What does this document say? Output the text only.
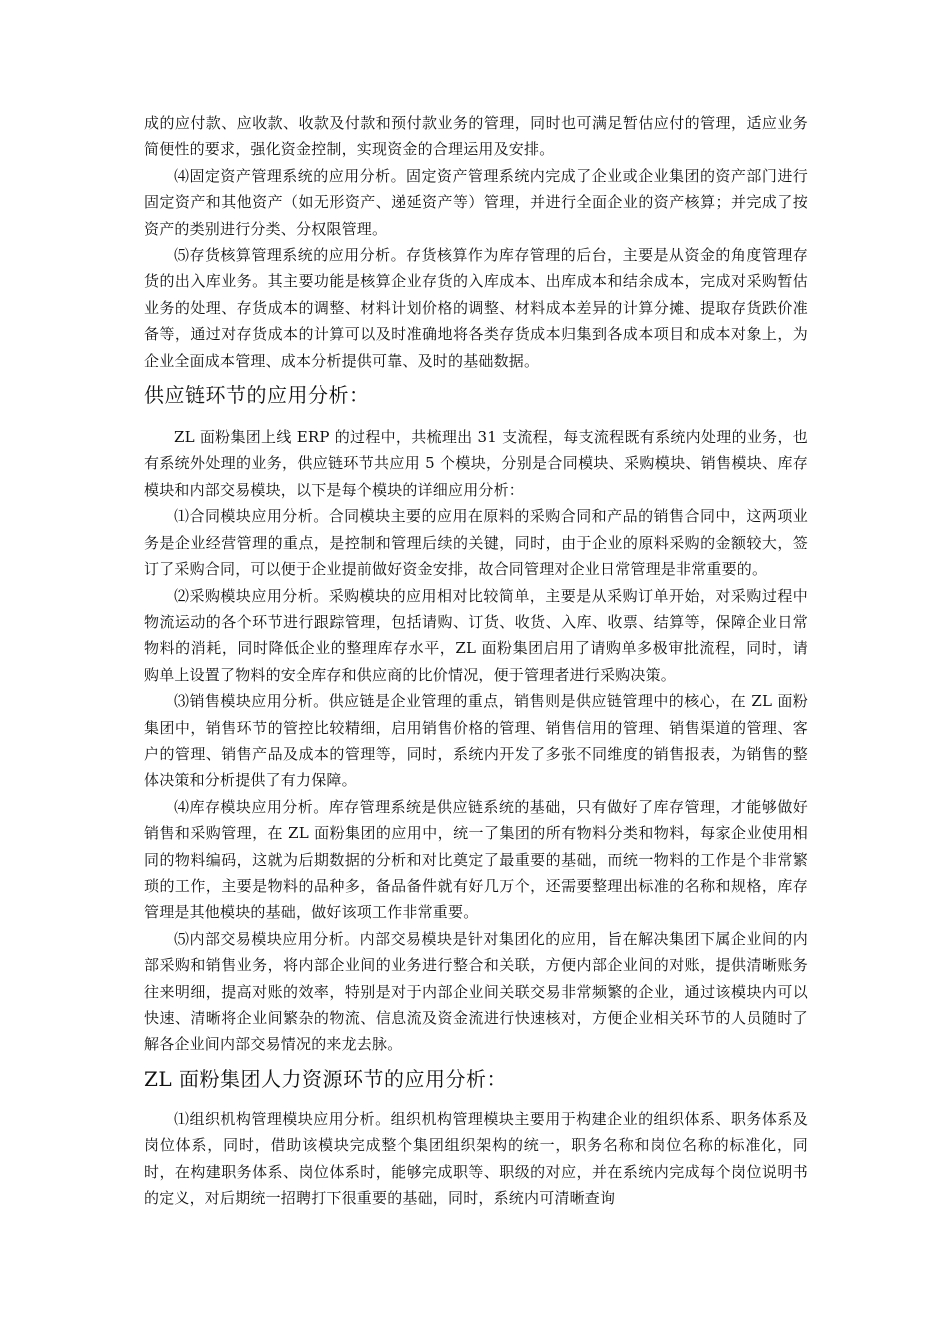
成的应付款、应收款、收款及付款和预付款业务的管理，同时也可满足暂估应付的管理，适应业务简便性的要求，强化资金控制，实现资金的合理运用及安排。

⑷固定资产管理系统的应用分析。固定资产管理系统内完成了企业或企业集团的资产部门进行固定资产和其他资产（如无形资产、递延资产等）管理，并进行全面企业的资产核算；并完成了按资产的类别进行分类、分权限管理。

⑸存货核算管理系统的应用分析。存货核算作为库存管理的后台，主要是从资金的角度管理存货的出入库业务。其主要功能是核算企业存货的入库成本、出库成本和结余成本，完成对采购暂估业务的处理、存货成本的调整、材料计划价格的调整、材料成本差异的计算分摊、提取存货跌价准备等，通过对存货成本的计算可以及时准确地将各类存货成本归集到各成本项目和成本对象上，为企业全面成本管理、成本分析提供可靠、及时的基础数据。

供应链环节的应用分析：

ZL 面粉集团上线 ERP 的过程中，共梳理出 31 支流程，每支流程既有系统内处理的业务，也有系统外处理的业务，供应链环节共应用 5 个模块，分别是合同模块、采购模块、销售模块、库存模块和内部交易模块，以下是每个模块的详细应用分析：

⑴合同模块应用分析。合同模块主要的应用在原料的采购合同和产品的销售合同中，这两项业务是企业经营管理的重点，是控制和管理后续的关键，同时，由于企业的原料采购的金额较大，签订了采购合同，可以便于企业提前做好资金安排，故合同管理对企业日常管理是非常重要的。

⑵采购模块应用分析。采购模块的应用相对比较简单，主要是从采购订单开始，对采购过程中物流运动的各个环节进行跟踪管理，包括请购、订货、收货、入库、收票、结算等，保障企业日常物料的消耗，同时降低企业的整理库存水平，ZL 面粉集团启用了请购单多极审批流程，同时，请购单上设置了物料的安全库存和供应商的比价情况，便于管理者进行采购决策。

⑶销售模块应用分析。供应链是企业管理的重点，销售则是供应链管理中的核心，在 ZL 面粉集团中，销售环节的管控比较精细，启用销售价格的管理、销售信用的管理、销售渠道的管理、客户的管理、销售产品及成本的管理等，同时，系统内开发了多张不同维度的销售报表，为销售的整体决策和分析提供了有力保障。

⑷库存模块应用分析。库存管理系统是供应链系统的基础，只有做好了库存管理，才能够做好销售和采购管理，在 ZL 面粉集团的应用中，统一了集团的所有物料分类和物料，每家企业使用相同的物料编码，这就为后期数据的分析和对比奠定了最重要的基础，而统一物料的工作是个非常繁琐的工作，主要是物料的品种多，备品备件就有好几万个，还需要整理出标准的名称和规格，库存管理是其他模块的基础，做好该项工作非常重要。

⑸内部交易模块应用分析。内部交易模块是针对集团化的应用，旨在解决集团下属企业间的内部采购和销售业务，将内部企业间的业务进行整合和关联，方便内部企业间的对账，提供清晰账务往来明细，提高对账的效率，特别是对于内部企业间关联交易非常频繁的企业，通过该模块内可以快速、清晰将企业间繁杂的物流、信息流及资金流进行快速核对，方便企业相关环节的人员随时了解各企业间内部交易情况的来龙去脉。

ZL 面粉集团人力资源环节的应用分析：

⑴组织机构管理模块应用分析。组织机构管理模块主要用于构建企业的组织体系、职务体系及岗位体系，同时，借助该模块完成整个集团组织架构的统一，职务名称和岗位名称的标准化，同时，在构建职务体系、岗位体系时，能够完成职等、职级的对应，并在系统内完成每个岗位说明书的定义，对后期统一招聘打下很重要的基础，同时，系统内可清晰查询
